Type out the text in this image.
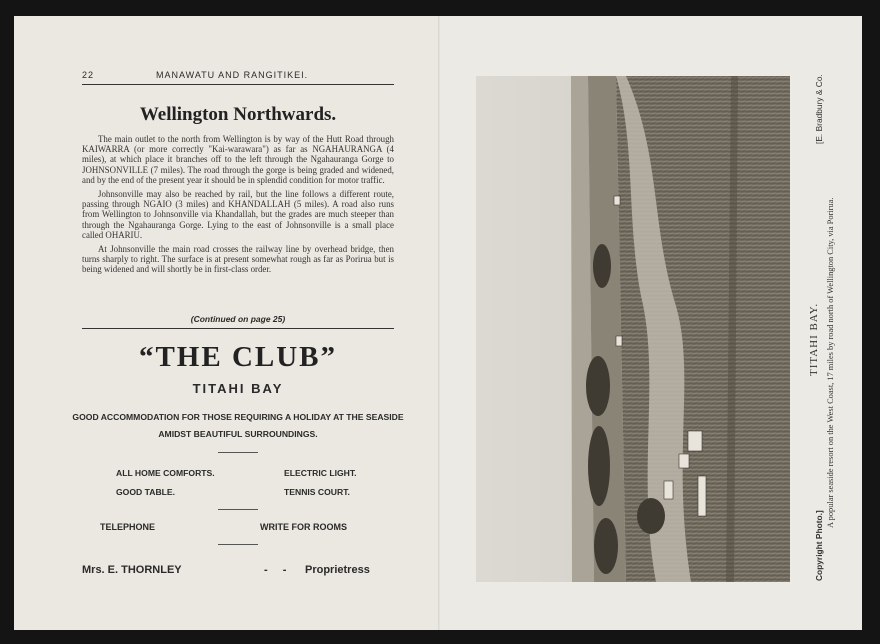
22	MANAWATU AND RANGITIKEI.
Wellington Northwards.

The main outlet to the north from Wellington is by way of the Hutt Road through KAIWARRA (or more correctly "Kai-warawara") as far as NGAHAURANGA (4 miles), at which place it branches off to the left through the Ngahauranga Gorge to JOHNSONVILLE (7 miles). The road through the gorge is being graded and widened, and by the end of the present year it should be in splendid condition for motor traffic.

Johnsonville may also be reached by rail, but the line follows a different route, passing through NGAIO (3 miles) and KHANDALLAH (5 miles). A road also runs from Wellington to Johnsonville via Khandallah, but the grades are much steeper than through the Ngahauranga Gorge. Lying to the east of Johnsonville is a small place called OHARIU.

At Johnsonville the main road crosses the railway line by overhead bridge, then turns sharply to right. The surface is at present somewhat rough as far as Porirua but is being widened and will shortly be in first-class order.

(Continued on page 25)
“THE CLUB”
TITAHI BAY
GOOD ACCOMMODATION FOR THOSE REQUIRING A HOLIDAY AT THE SEASIDE
AMIDST BEAUTIFUL SURROUNDINGS.
ALL HOME COMFORTS.	ELECTRIC LIGHT.
GOOD TABLE.	TENNIS COURT.
TELEPHONE	WRITE FOR ROOMS
Mrs. E. THORNLEY	- - Proprietress
TITAHI BAY. A popular seaside resort on the West Coast, 17 miles by road north of Wellington City, via Porirua.
Copyright Photo.]
[E. Bradbury & Co.
